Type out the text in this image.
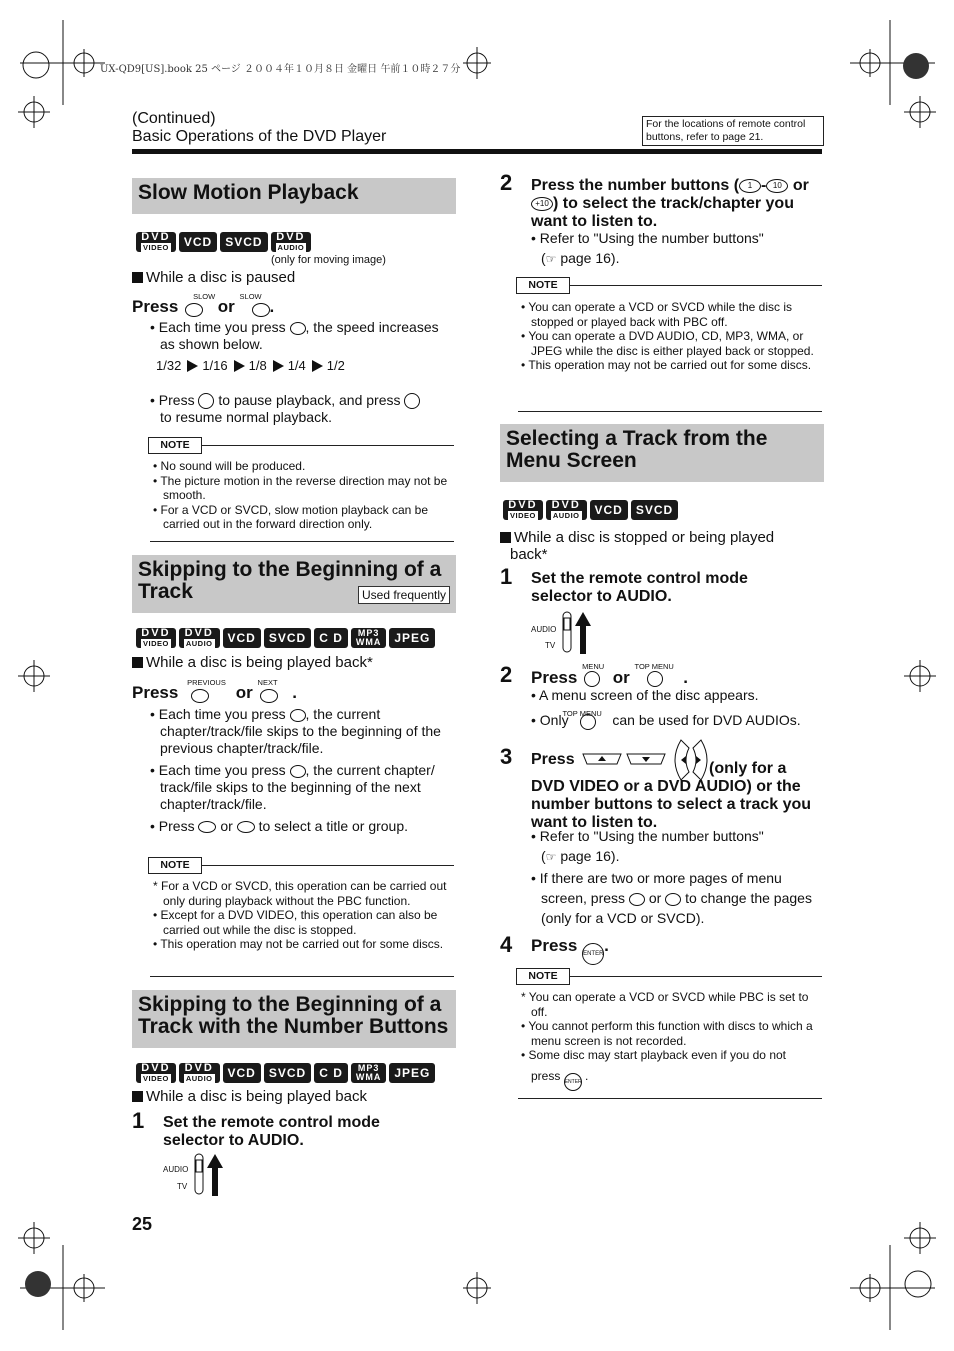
UX-QD9[US].book 25 ページ ２００４年１０月８日 金曜日 午前１０時２７分
(Continued)
Basic Operations of the DVD Player
For the locations of remote control buttons, refer to page 21.
Slow Motion Playback
DVD
VIDEO	VCD	SVCD	DVD
AUDIO
(only for moving image)
While a disc is paused
Press
SLOW
or
SLOW
.

• Each time you press , the speed increases as shown below.

1/32 1/16 1/8 1/4 1/2

• Press to pause playback, and press
to resume normal playback.

NOTE

• No sound will be produced.

• The picture motion in the reverse direction may not be smooth.

• For a VCD or SVCD, slow motion playback can be carried out in the forward direction only.

Skipping to the Beginning of a Track	Used frequently
DVD
VIDEO
DVD
AUDIO	VCD	SVCD	C D	MP3
WMA	JPEG
While a disc is being played back*
Press
PREVIOUS
or
NEXT
.

• Each time you press , the current chapter/track/file skips to the beginning of the previous chapter/track/file.

• Each time you press , the current chapter/ track/file skips to the beginning of the next chapter/track/file.

• Press or to select a title or group.

NOTE

* For a VCD or SVCD, this operation can be carried out only during playback without the PBC function.

• Except for a DVD VIDEO, this operation can also be carried out while the disc is stopped.

• This operation may not be carried out for some discs.

Skipping to the Beginning of a Track with the Number Buttons
DVD
VIDEO
DVD
AUDIO	VCD	SVCD	C D	MP3
WMA	JPEG
While a disc is being played back
1 Set the remote control mode selector to AUDIO.
AUDIO
TV
2 Press the number buttons ( 1 - 10 or +10 ) to select the track/chapter you want to listen to.

• Refer to "Using the number buttons"

(☞ page 16).

NOTE

• You can operate a VCD or SVCD while the disc is stopped or played back with PBC off.

• You can operate a DVD AUDIO, CD, MP3, WMA, or JPEG while the disc is either played back or stopped.

• This operation may not be carried out for some discs.

Selecting a Track from the Menu Screen
DVD
VIDEO
DVD
AUDIO	VCD	SVCD

While a disc is stopped or being played back*

1 Set the remote control mode selector to AUDIO.
AUDIO
TV
2 Press
MENU
or
TOP MENU
.

• A menu screen of the disc appears.

• Only
TOP MENU can be used for DVD AUDIOs.

3 Press
(only for a DVD VIDEO or a DVD AUDIO) or the number buttons to select a track you want to listen to.

• Refer to "Using the number buttons"

(☞ page 16).

• If there are two or more pages of menu screen, press or to change the pages (only for a VCD or SVCD).

4 Press ENTER.
NOTE

* You can operate a VCD or SVCD while PBC is set to off.

• You cannot perform this function with discs to which a menu screen is not recorded.

• Some disc may start playback even if you do not

press ENTER .

25
